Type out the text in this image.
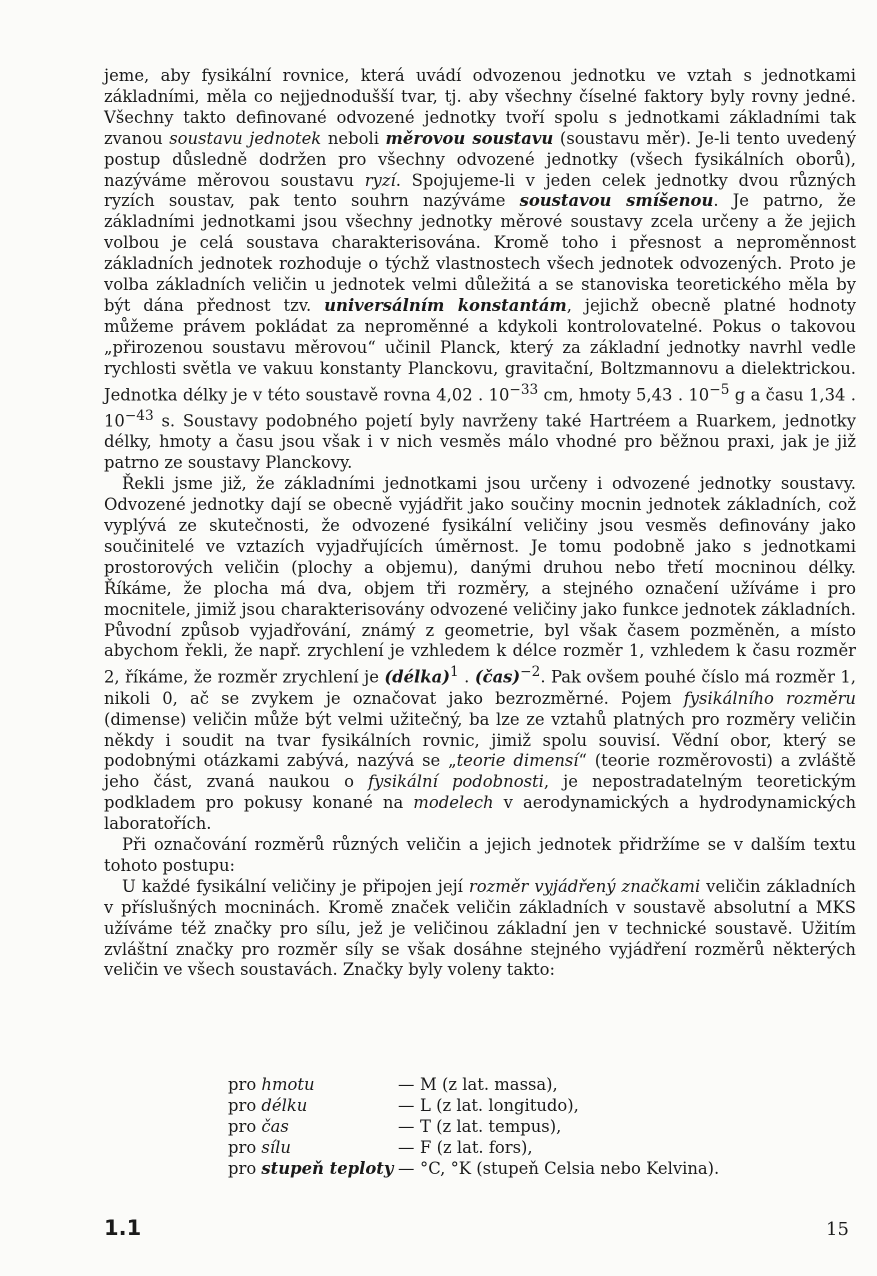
jeme, aby fysikální rovnice, která uvádí odvozenou jednotku ve vztah s jednotkami základními, měla co nejjednodušší tvar, tj. aby všechny číselné faktory byly rovny jedné. Všechny takto definované odvozené jednotky tvoří spolu s jednotkami základními tak zvanou soustavu jednotek neboli měrovou soustavu (soustavu měr). Je-li tento uvedený postup důsledně dodržen pro všechny odvozené jednotky (všech fysikálních oborů), nazýváme měrovou soustavu ryzí. Spojujeme-li v jeden celek jednotky dvou různých ryzích soustav, pak tento souhrn nazýváme soustavou smíšenou. Je patrno, že základními jednotkami jsou všechny jednotky měrové soustavy zcela určeny a že jejich volbou je celá soustava charakterisována. Kromě toho i přesnost a neproměnnost základních jednotek rozhoduje o týchž vlastnostech všech jednotek odvozených. Proto je volba základních veličin u jednotek velmi důležitá a se stanoviska teoretického měla by být dána přednost tzv. universálním konstantám, jejichž obecně platné hodnoty můžeme právem pokládat za neproměnné a kdykoli kontrolovatelné. Pokus o takovou „přirozenou soustavu měrovou“ učinil Planck, který za základní jednotky navrhl vedle rychlosti světla ve vakuu konstanty Planckovu, gravitační, Boltzmannovu a dielektrickou. Jednotka délky je v této soustavě rovna 4,02 . $10^{-33}$ cm, hmoty 5,43 . $10^{-5}$ g a času 1,34 . $10^{-43}$ s. Soustavy podobného pojetí byly navrženy také Hartréem a Ruarkem, jednotky délky, hmoty a času jsou však i v nich vesměs málo vhodné pro běžnou praxi, jak je již patrno ze soustavy Planckovy.

Řekli jsme již, že základními jednotkami jsou určeny i odvozené jednotky soustavy. Odvozené jednotky dají se obecně vyjádřit jako součiny mocnin jednotek základních, což vyplývá ze skutečnosti, že odvozené fysikální veličiny jsou vesměs definovány jako součinitelé ve vztazích vyjadřujících úměrnost. Je tomu podobně jako s jednotkami prostorových veličin (plochy a objemu), danými druhou nebo třetí mocninou délky. Říkáme, že plocha má dva, objem tři rozměry, a stejného označení užíváme i pro mocnitele, jimiž jsou charakterisovány odvozené veličiny jako funkce jednotek základních. Původní způsob vyjadřování, známý z geometrie, byl však časem pozměněn, a místo abychom řekli, že např. zrychlení je vzhledem k délce rozměr 1, vzhledem k času rozměr 2, říkáme, že rozměr zrychlení je (délka)$^1$ . (čas)$^{-2}$. Pak ovšem pouhé číslo má rozměr 1, nikoli 0, ač se zvykem je označovat jako bezrozměrné. Pojem fysikálního rozměru (dimense) veličin může být velmi užitečný, ba lze ze vztahů platných pro rozměry veličin někdy i soudit na tvar fysikálních rovnic, jimiž spolu souvisí. Vědní obor, který se podobnými otázkami zabývá, nazývá se „teorie dimensí“ (teorie rozměrovosti) a zvláště jeho část, zvaná naukou o fysikální podobnosti, je nepostradatelným teoretickým podkladem pro pokusy konané na modelech v aerodynamických a hydrodynamických laboratořích.

Při označování rozměrů různých veličin a jejich jednotek přidržíme se v dalším textu tohoto postupu:

U každé fysikální veličiny je připojen její rozměr vyjádřený značkami veličin základních v příslušných mocninách. Kromě značek veličin základních v soustavě absolutní a MKS užíváme též značky pro sílu, jež je veličinou základní jen v technické soustavě. Užitím zvláštní značky pro rozměr síly se však dosáhne stejného vyjádření rozměrů některých veličin ve všech soustavách. Značky byly voleny takto:

pro hmotu	—	M (z lat. massa),
pro délku	—	L (z lat. longitudo),
pro čas	—	T (z lat. tempus),
pro sílu	—	F (z lat. fors),
pro stupeň teploty	—	°C, °K (stupeň Celsia nebo Kelvina).
1.1	15
